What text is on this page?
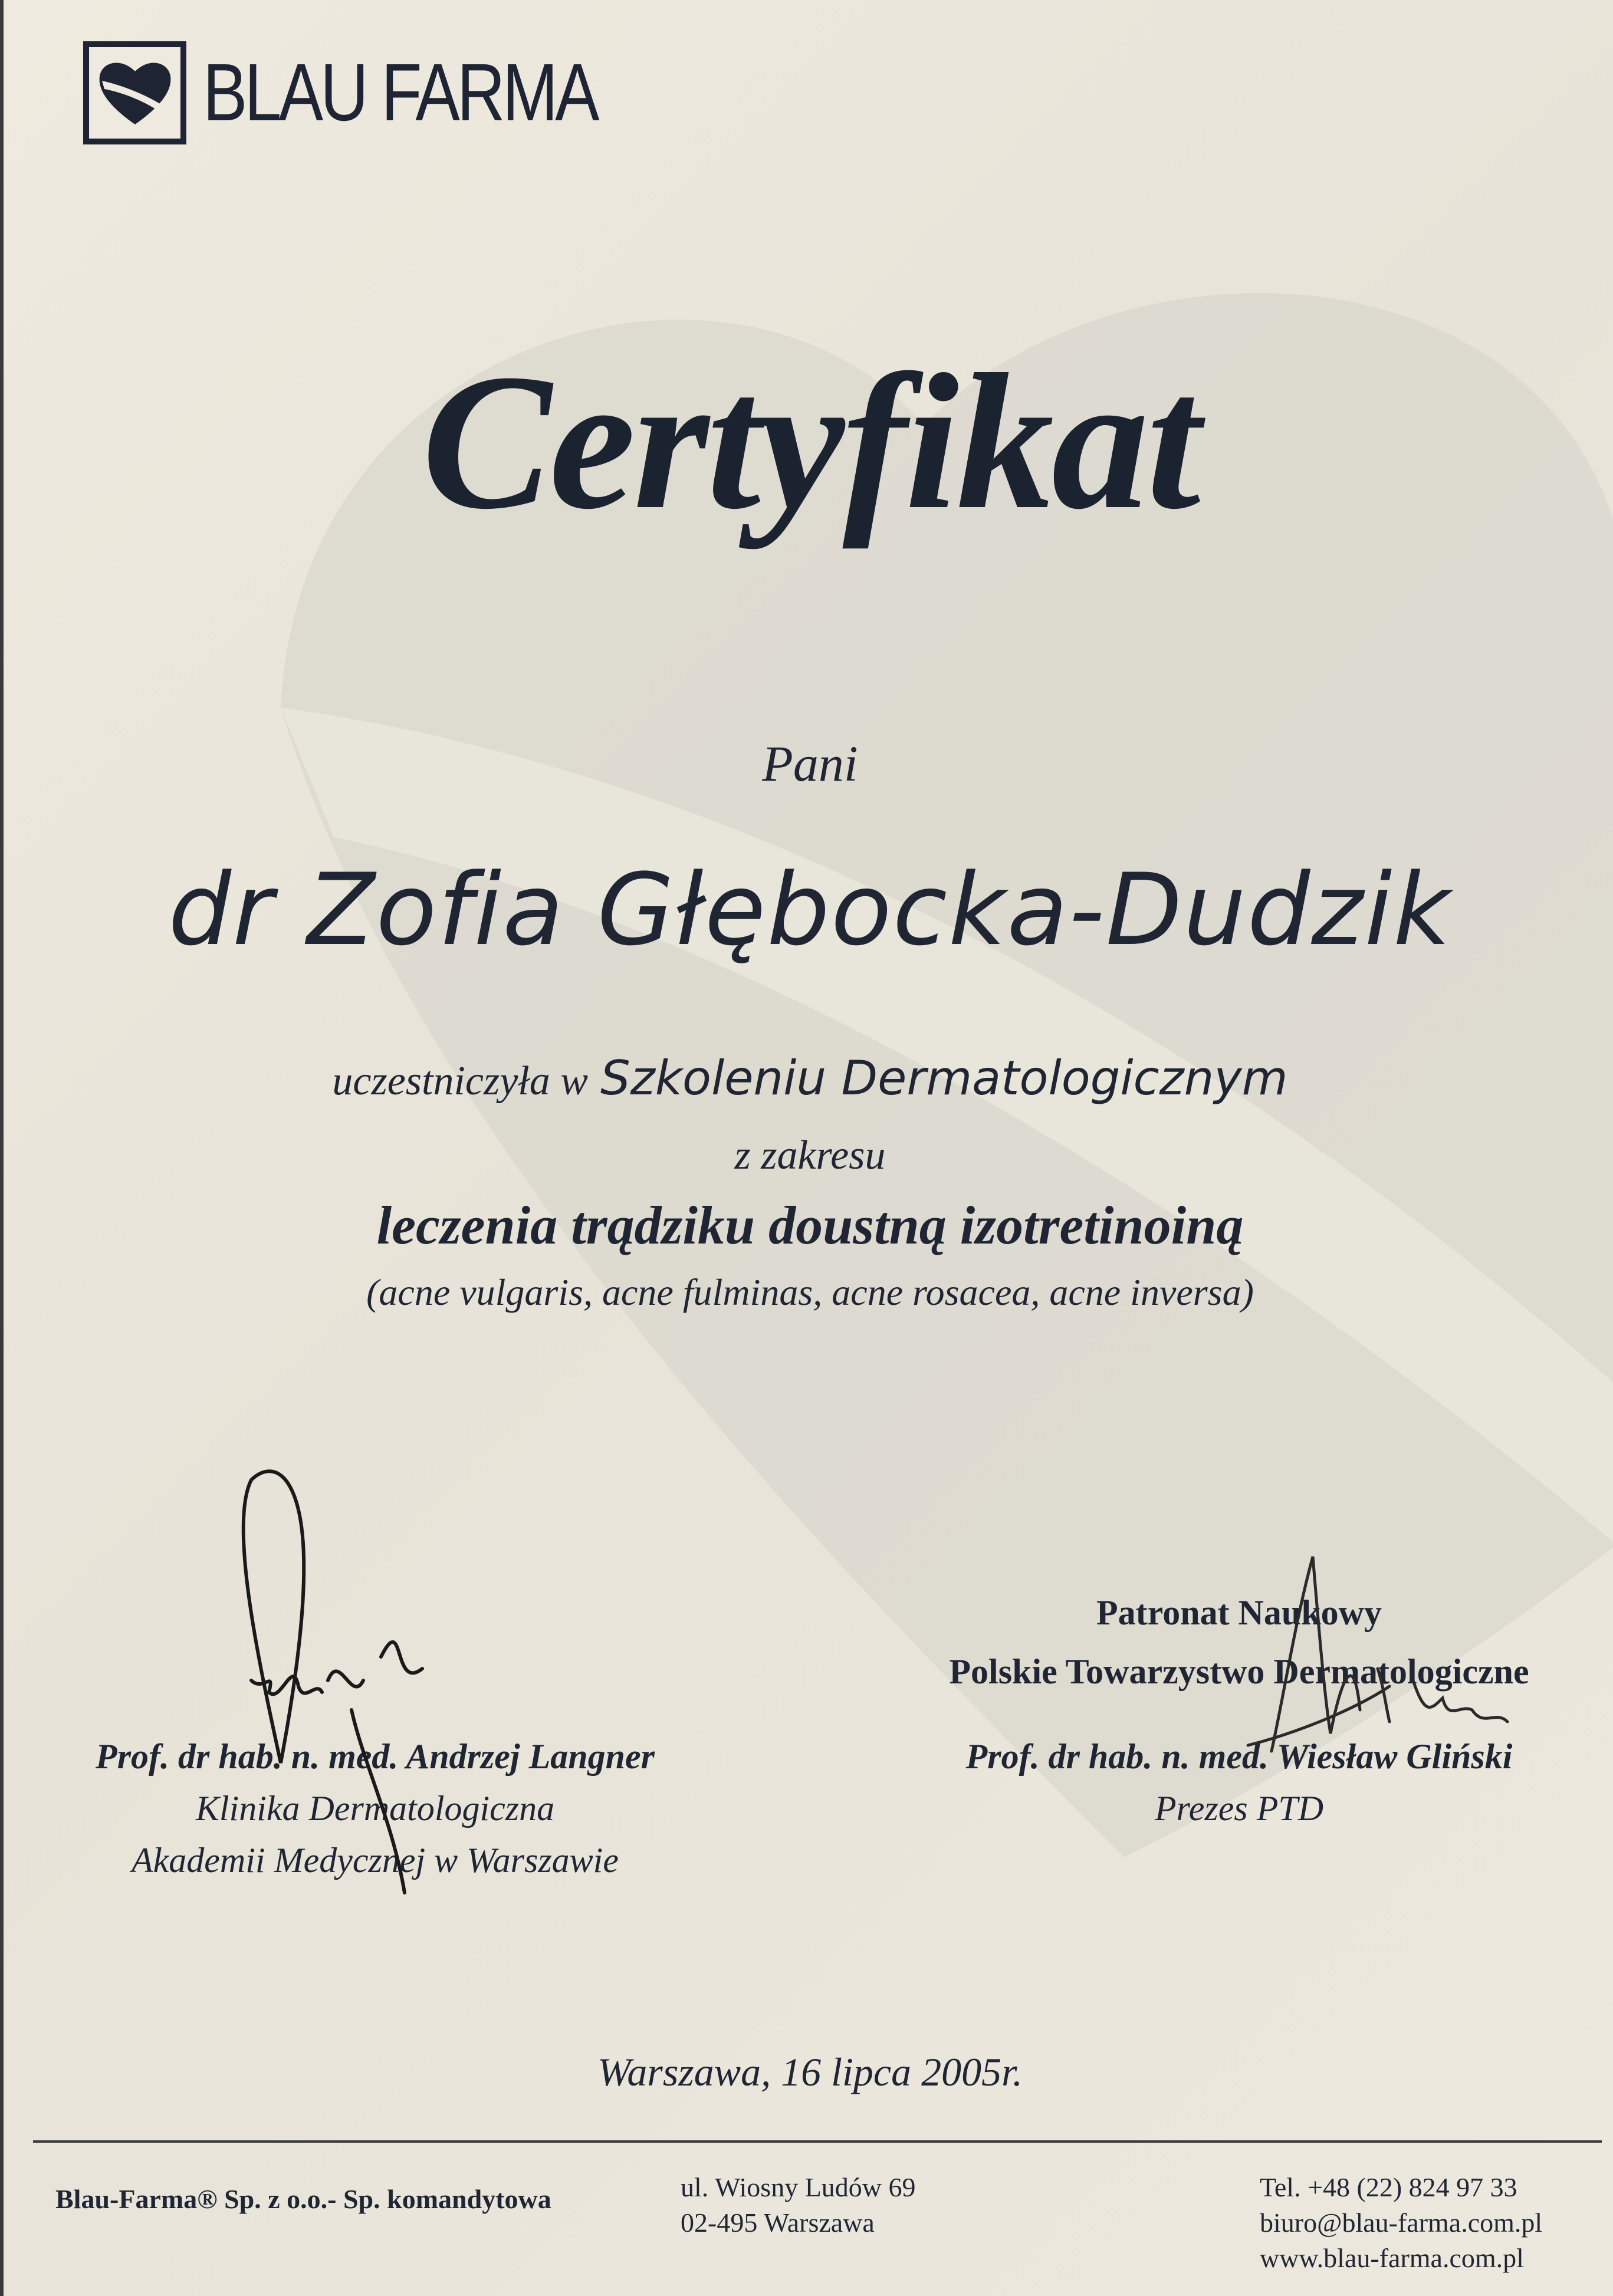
BLAU FARMA
Certyfikat
Pani
dr Zofia Głębocka-Dudzik
uczestniczyła w Szkoleniu Dermatologicznym
z zakresu
leczenia trądziku doustną izotretinoiną
(acne vulgaris, acne fulminas, acne rosacea, acne inversa)
Patronat Naukowy
Polskie Towarzystwo Dermatologiczne
Prof. dr hab. n. med. Andrzej Langner
Klinika Dermatologiczna
Akademii Medycznej w Warszawie
Prof. dr hab. n. med. Wiesław Gliński
Prezes PTD
Warszawa, 16 lipca 2005r.
Blau-Farma® Sp. z o.o.- Sp. komandytowa	ul. Wiosny Ludów 69
02-495 Warszawa
Tel. +48 (22) 824 97 33
biuro@blau-farma.com.pl
www.blau-farma.com.pl
